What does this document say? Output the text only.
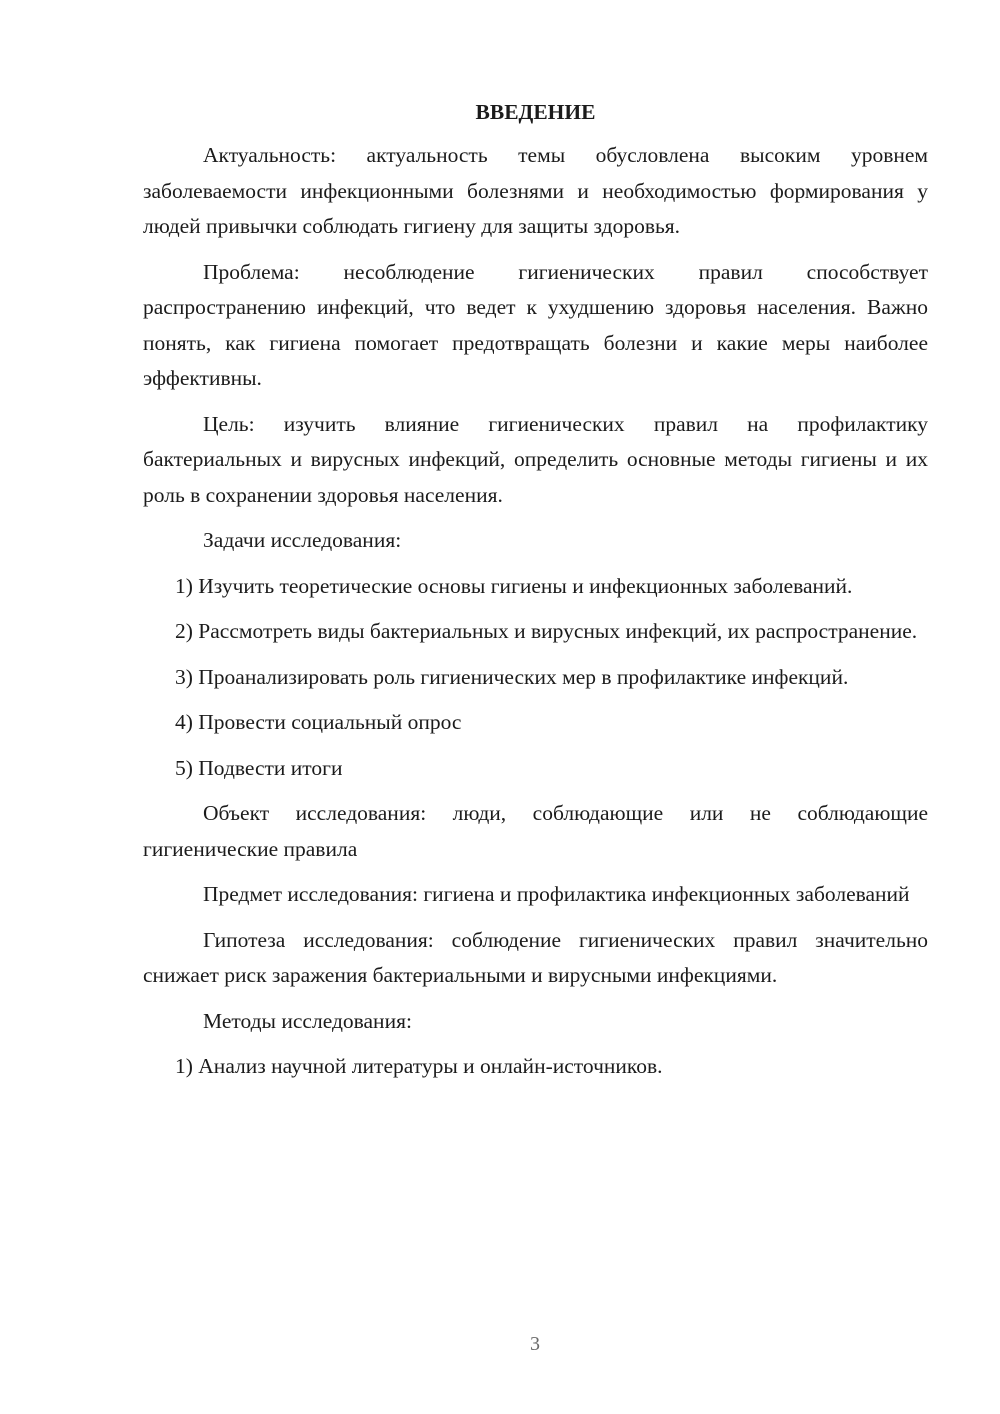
ВВЕДЕНИЕ

Актуальность: актуальность темы обусловлена высоким уровнем заболеваемости инфекционными болезнями и необходимостью формирования у людей привычки соблюдать гигиену для защиты здоровья.

Проблема: несоблюдение гигиенических правил способствует распространению инфекций, что ведет к ухудшению здоровья населения. Важно понять, как гигиена помогает предотвращать болезни и какие меры наиболее эффективны.

Цель: изучить влияние гигиенических правил на профилактику бактериальных и вирусных инфекций, определить основные методы гигиены и их роль в сохранении здоровья населения.

Задачи исследования:

1) Изучить теоретические основы гигиены и инфекционных заболеваний.

2) Рассмотреть виды бактериальных и вирусных инфекций, их распространение.

3) Проанализировать роль гигиенических мер в профилактике инфекций.

4) Провести социальный опрос

5) Подвести итоги

Объект исследования: люди, соблюдающие или не соблюдающие гигиенические правила

Предмет исследования: гигиена и профилактика инфекционных заболеваний

Гипотеза исследования: соблюдение гигиенических правил значительно снижает риск заражения бактериальными и вирусными инфекциями.

Методы исследования:

1) Анализ научной литературы и онлайн-источников.

3
